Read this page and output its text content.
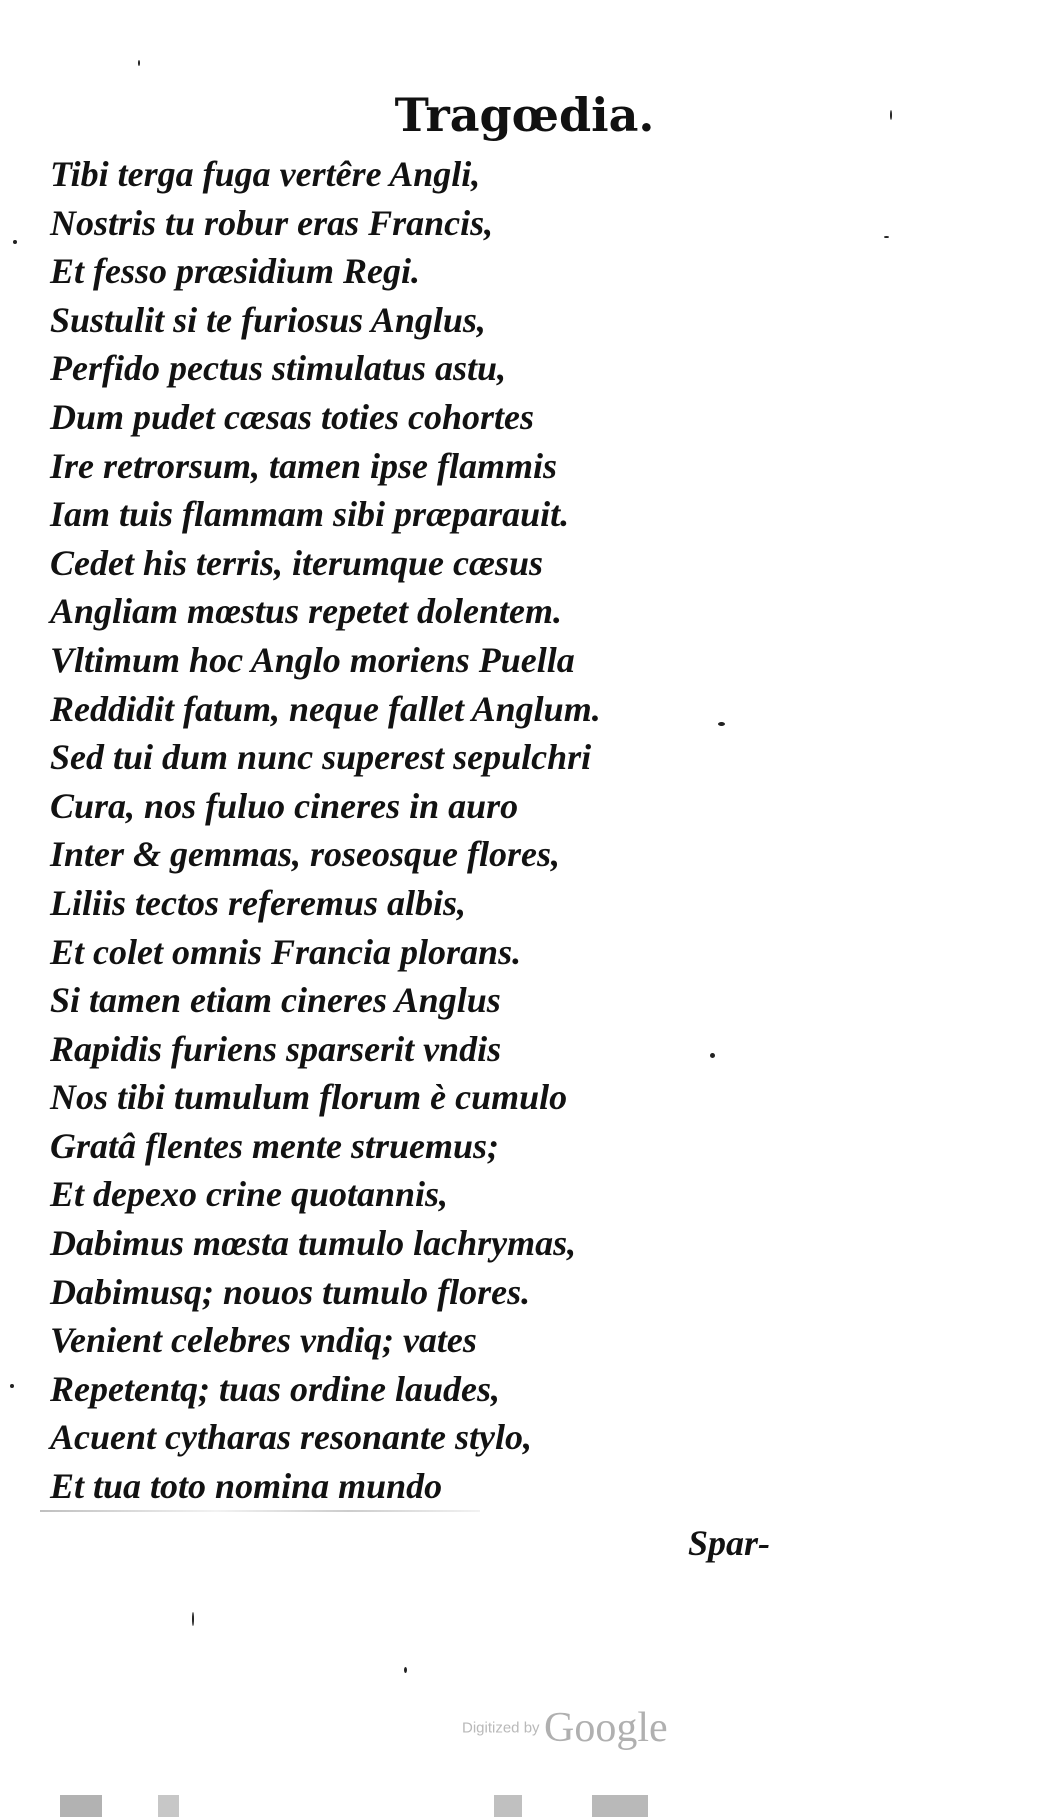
Tragœdia.
Tibi terga fuga vertêre Angli,
Nostris tu robur eras Francis,
Et fesso præsidium Regi.
Sustulit si te furiosus Anglus,
Perfido pectus stimulatus astu,
Dum pudet cæsas toties cohortes
Ire retrorsum, tamen ipse flammis
Iam tuis flammam sibi præparauit.
Cedet his terris, iterumque cæsus
Angliam mœstus repetet dolentem.
Vltimum hoc Anglo moriens Puella
Reddidit fatum, neque fallet Anglum.
Sed tui dum nunc superest sepulchri
Cura, nos fuluo cineres in auro
Inter & gemmas, roseosque flores,
Liliis tectos referemus albis,
Et colet omnis Francia plorans.
Si tamen etiam cineres Anglus
Rapidis furiens sparserit vndis
Nos tibi tumulum florum è cumulo
Gratâ flentes mente struemus;
Et depexo crine quotannis,
Dabimus mœsta tumulo lachrymas,
Dabimusq; nouos tumulo flores.
Venient celebres vndiq; vates
Repetentq; tuas ordine laudes,
Acuent cytharas resonante stylo,
Et tua toto nomina mundo
Spar-
Digitized by Google
